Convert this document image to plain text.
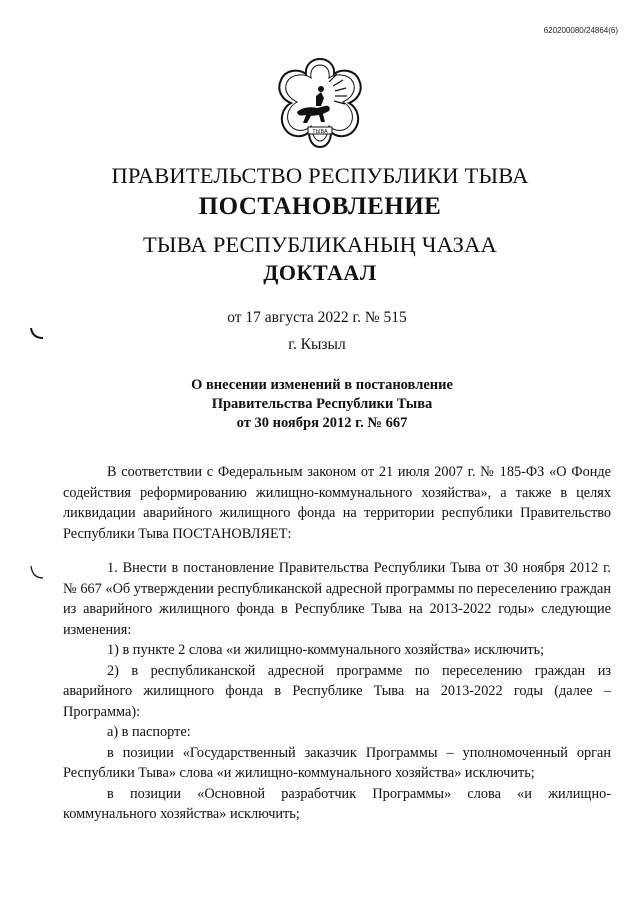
620200080/24864(6)
ТЫВА
ПРАВИТЕЛЬСТВО РЕСПУБЛИКИ ТЫВА
ПОСТАНОВЛЕНИЕ
ТЫВА РЕСПУБЛИКАНЫҢ ЧАЗАА
ДОКТААЛ
от 17 августа 2022 г. № 515
г. Кызыл
О внесении изменений в постановление
Правительства Республики Тыва
от 30 ноября 2012 г. № 667

В соответствии с Федеральным законом от 21 июля 2007 г. № 185-ФЗ «О Фонде содействия реформированию жилищно-коммунального хозяйства», а также в целях ликвидации аварийного жилищного фонда на территории республики Правительство Республики Тыва ПОСТАНОВЛЯЕТ:

1. Внести в постановление Правительства Республики Тыва от 30 ноября 2012 г. № 667 «Об утверждении республиканской адресной программы по переселению граждан из аварийного жилищного фонда в Республике Тыва на 2013-2022 годы» следующие изменения:

1) в пункте 2 слова «и жилищно-коммунального хозяйства» исключить;

2) в республиканской адресной программе по переселению граждан из аварийного жилищного фонда в Республике Тыва на 2013-2022 годы (далее – Программа):

а) в паспорте:

в позиции «Государственный заказчик Программы – уполномоченный орган Республики Тыва» слова «и жилищно-коммунального хозяйства» исключить;

в позиции «Основной разработчик Программы» слова «и жилищно-коммунального хозяйства» исключить;
